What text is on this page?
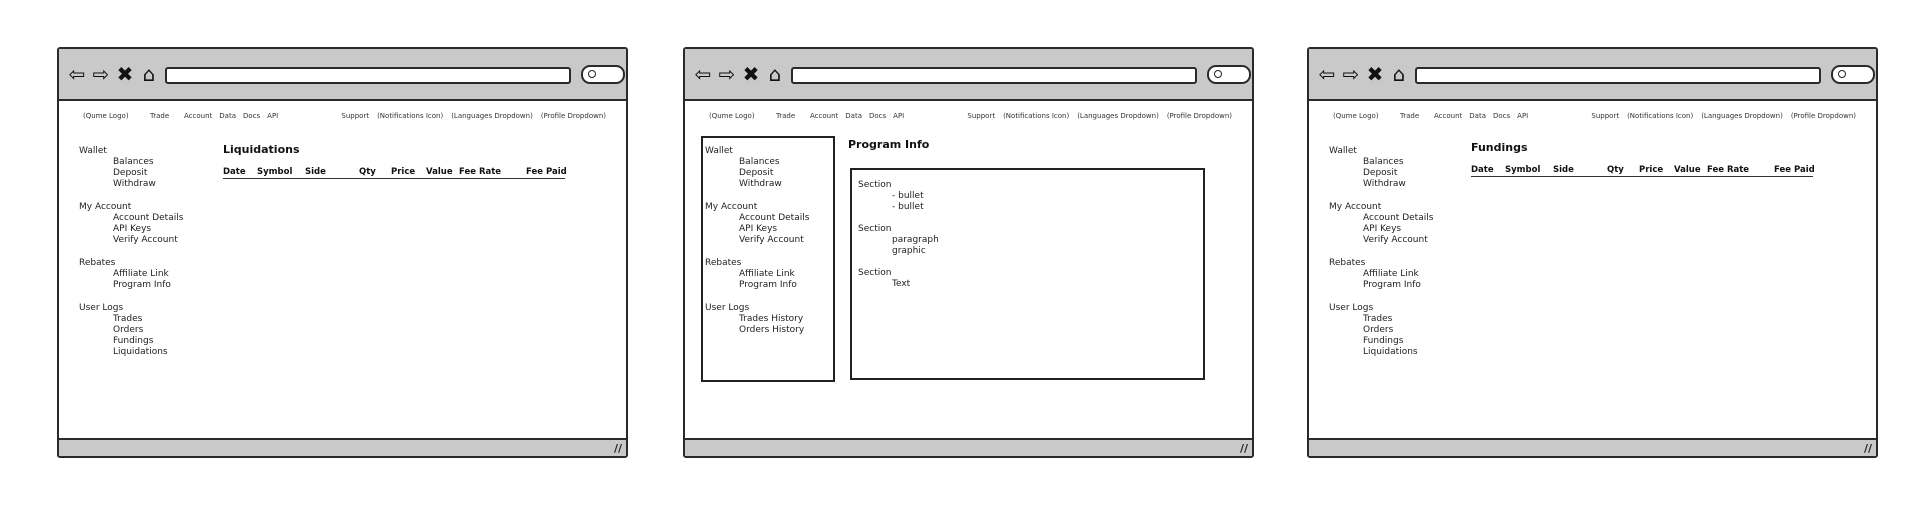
⇦ ⇨ ✖ ⌂
(Qume Logo)	Trade Account Data Docs API	Support (Notifications Icon) (Languages Dropdown) (Profile Dropdown)
Wallet
Balances
Deposit
Withdraw
My Account
Account Details
API Keys
Verify Account
Rebates
Affiliate Link
Program Info
User Logs
Trades
Orders
Fundings
Liquidations
Liquidations
Date Symbol Side	Qty Price Value Fee Rate	Fee Paid
//
⇦ ⇨ ✖ ⌂
(Qume Logo)	Trade Account Data Docs API	Support (Notifications Icon) (Languages Dropdown) (Profile Dropdown)
Wallet
Balances
Deposit
Withdraw
My Account
Account Details
API Keys
Verify Account
Rebates
Affiliate Link
Program Info
User Logs
Trades History
Orders History
Program Info
Section
- bullet
- bullet
Section
paragraph
graphic
Section
Text
//
⇦ ⇨ ✖ ⌂
(Qume Logo)	Trade Account Data Docs API	Support (Notifications Icon) (Languages Dropdown) (Profile Dropdown)
Wallet
Balances
Deposit
Withdraw
My Account
Account Details
API Keys
Verify Account
Rebates
Affiliate Link
Program Info
User Logs
Trades
Orders
Fundings
Liquidations
Fundings
Date Symbol Side	Qty Price Value Fee Rate	Fee Paid
//
